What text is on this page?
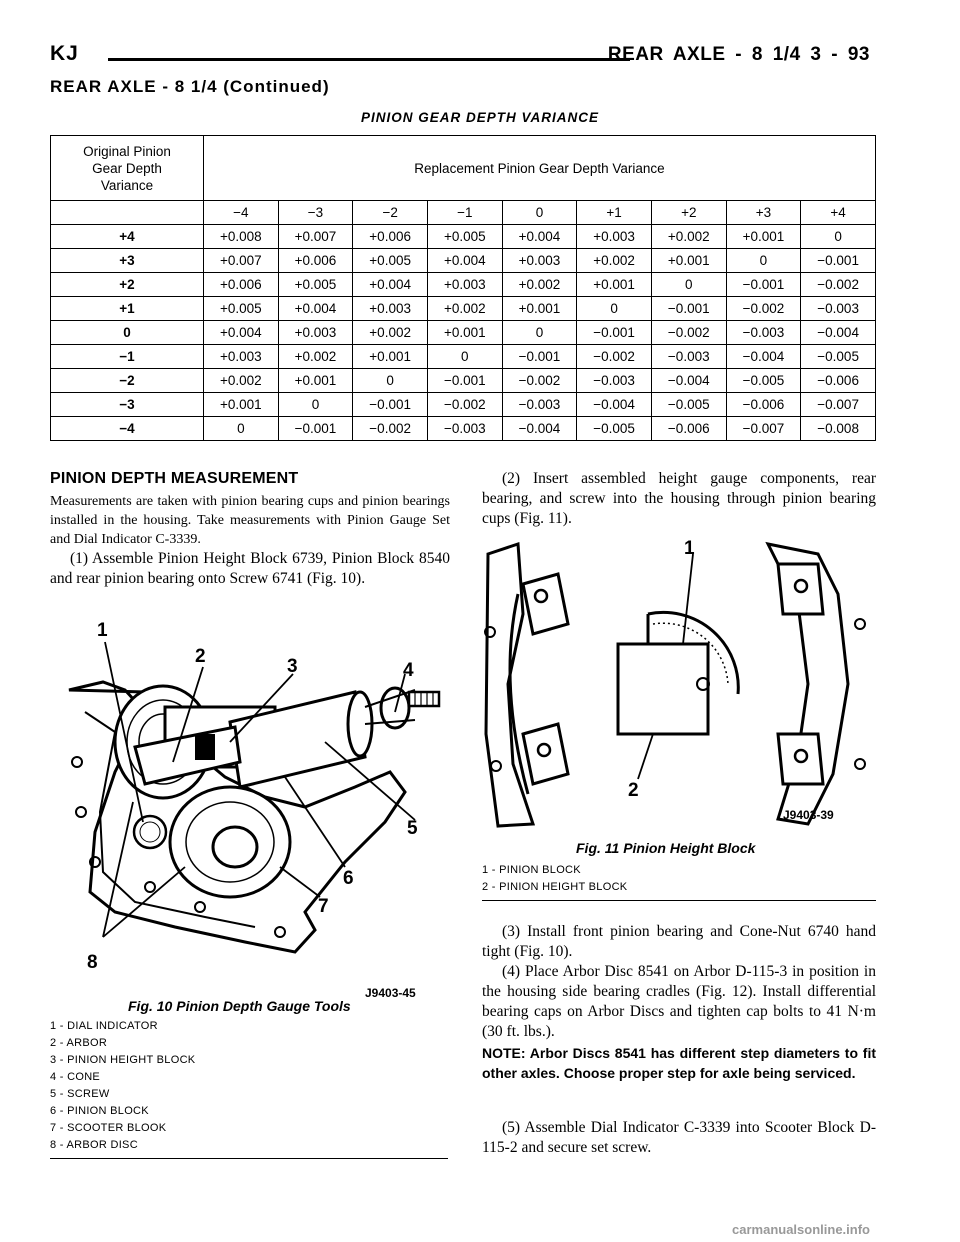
KJ	REAR AXLE - 8 1/4 3 - 93
REAR AXLE - 8 1/4 (Continued)
PINION GEAR DEPTH VARIANCE
Original Pinion
Gear Depth
Variance	Replacement Pinion Gear Depth Variance								
	−4	−3	−2	−1	0	+1	+2	+3	+4
+4	+0.008	+0.007	+0.006	+0.005	+0.004	+0.003	+0.002	+0.001	0
+3	+0.007	+0.006	+0.005	+0.004	+0.003	+0.002	+0.001	0	−0.001
+2	+0.006	+0.005	+0.004	+0.003	+0.002	+0.001	0	−0.001	−0.002
+1	+0.005	+0.004	+0.003	+0.002	+0.001	0	−0.001	−0.002	−0.003
0	+0.004	+0.003	+0.002	+0.001	0	−0.001	−0.002	−0.003	−0.004
−1	+0.003	+0.002	+0.001	0	−0.001	−0.002	−0.003	−0.004	−0.005
−2	+0.002	+0.001	0	−0.001	−0.002	−0.003	−0.004	−0.005	−0.006
−3	+0.001	0	−0.001	−0.002	−0.003	−0.004	−0.005	−0.006	−0.007
−4	0	−0.001	−0.002	−0.003	−0.004	−0.005	−0.006	−0.007	−0.008
PINION DEPTH MEASUREMENT
Measurements are taken with pinion bearing cups and pinion bearings installed in the housing. Take measurements with Pinion Gauge Set and Dial Indicator C-3339.
(1) Assemble Pinion Height Block 6739, Pinion Block 8540 and rear pinion bearing onto Screw 6741 (Fig. 10).
1
2	3	4
5
6
7
8
J9403-45
Fig. 10 Pinion Depth Gauge Tools
1 - DIAL INDICATOR
2 - ARBOR
3 - PINION HEIGHT BLOCK
4 - CONE
5 - SCREW
6 - PINION BLOCK
7 - SCOOTER BLOOK
8 - ARBOR DISC
(2) Insert assembled height gauge components, rear bearing, and screw into the housing through pinion bearing cups (Fig. 11).
1
2
J9403-39
Fig. 11 Pinion Height Block
1 - PINION BLOCK
2 - PINION HEIGHT BLOCK
(3) Install front pinion bearing and Cone-Nut 6740 hand tight (Fig. 10).
(4) Place Arbor Disc 8541 on Arbor D-115-3 in position in the housing side bearing cradles (Fig. 12). Install differential bearing caps on Arbor Discs and tighten cap bolts to 41 N·m (30 ft. lbs.).
NOTE: Arbor Discs 8541 has different step diameters to fit other axles. Choose proper step for axle being serviced.
(5) Assemble Dial Indicator C-3339 into Scooter Block D-115-2 and secure set screw.
carmanualsonline.info
